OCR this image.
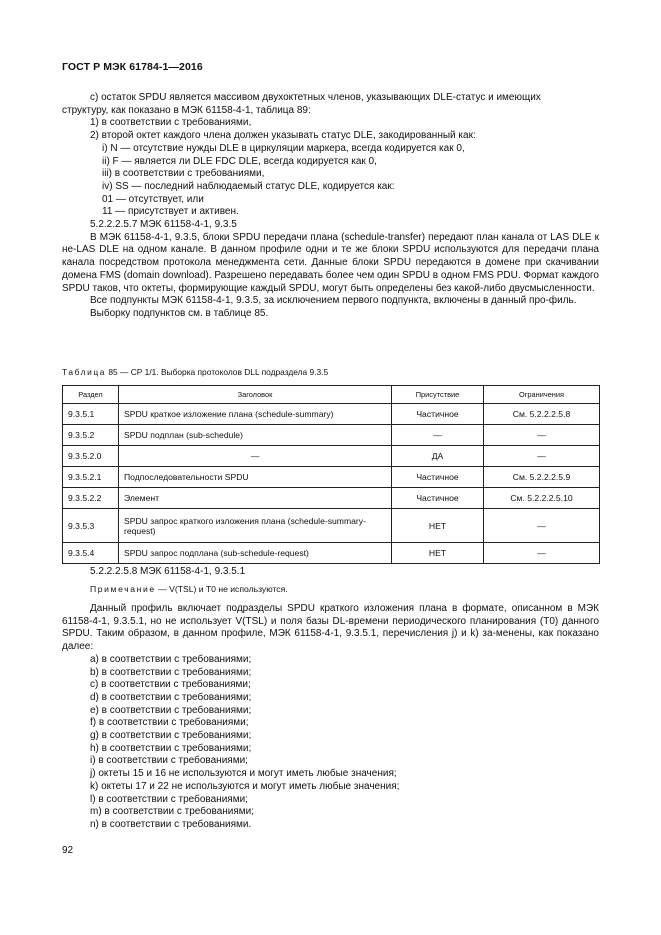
ГОСТ Р МЭК 61784-1—2016

c) остаток SPDU является массивом двухоктетных членов, указывающих DLE-статус и имеющих

структуру, как показано в МЭК 61158-4-1, таблица 89:

1) в соответствии с требованиями,

2) второй октет каждого члена должен указывать статус DLE, закодированный как:

i) N — отсутствие нужды DLE в циркуляции маркера, всегда кодируется как 0,

ii) F — является ли DLE FDC DLE, всегда кодируется как 0,

iii) в соответствии с требованиями,

iv) SS — последний наблюдаемый статус DLE, кодируется как:

01 — отсутствует, или

11 — присутствует и активен.

5.2.2.2.5.7 МЭК 61158-4-1, 9.3.5

В МЭК 61158-4-1, 9.3.5, блоки SPDU передачи плана (schedule-transfer) передают план канала от LAS DLE к не-LAS DLE на одном канале. В данном профиле одни и те же блоки SPDU используются для передачи плана канала посредством протокола менеджмента сети. Данные блоки SPDU передаются в домене при скачивании домена FMS (domain download). Разрешено передавать более чем один SPDU в одном FMS PDU. Формат каждого SPDU таков, что октеты, формирующие каждый SPDU, могут быть определены без какой-либо двусмысленности.

Все подпункты МЭК 61158-4-1, 9.3.5, за исключением первого подпункта, включены в данный про-филь.

Выборку подпунктов см. в таблице 85.

Таблица 85 — СР 1/1. Выборка протоколов DLL подраздела 9.3.5
Раздел	Заголовок	Присутствие	Ограничения
9.3.5.1	SPDU краткое изложение плана (schedule-summary)	Частичное	См. 5.2.2.2.5.8
9.3.5.2	SPDU подплан (sub-schedule)	—	—
9.3.5.2.0	—	ДА	—
9.3.5.2.1	Подпоследовательности SPDU	Частичное	См. 5.2.2.2.5.9
9.3.5.2.2	Элемент	Частичное	См. 5.2.2.2.5.10
9.3.5.3	SPDU запрос краткого изложения плана (schedule-summary-request)	НЕТ	—
9.3.5.4	SPDU запрос подплана (sub-schedule-request)	НЕТ	—

5.2.2.2.5.8 МЭК 61158-4-1, 9.3.5.1

Примечание — V(TSL) и T0 не используются.

Данный профиль включает подразделы SPDU краткого изложения плана в формате, описанном в МЭК 61158-4-1, 9.3.5.1, но не использует V(TSL) и поля базы DL-времени периодического планирования (T0) данного SPDU. Таким образом, в данном профиле, МЭК 61158-4-1, 9.3.5.1, перечисления j) и k) за-менены, как показано далее:

a) в соответствии с требованиями;

b) в соответствии с требованиями;

c) в соответствии с требованиями;

d) в соответствии с требованиями;

e) в соответствии с требованиями;

f) в соответствии с требованиями;

g) в соответствии с требованиями;

h) в соответствии с требованиями;

i) в соответствии с требованиями;

j) октеты 15 и 16 не используются и могут иметь любые значения;

k) октеты 17 и 22 не используются и могут иметь любые значения;

l) в соответствии с требованиями;

m) в соответствии с требованиями;

n) в соответствии с требованиями.

92
